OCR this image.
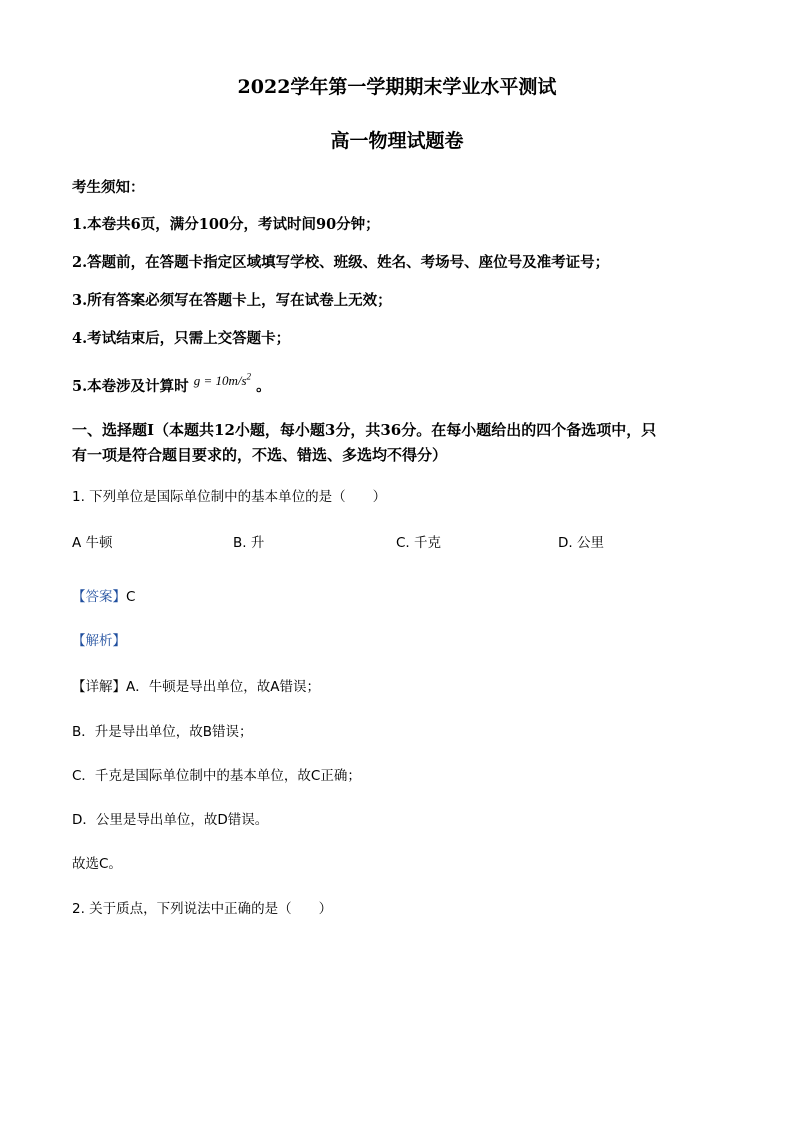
2022学年第一学期期末学业水平测试
高一物理试题卷
考生须知：
1.本卷共6页，满分100分，考试时间90分钟；
2.答题前，在答题卡指定区域填写学校、班级、姓名、考场号、座位号及准考证号；
3.所有答案必须写在答题卡上，写在试卷上无效；
4.考试结束后，只需上交答题卡；
5.本卷涉及计算时 $g = 10m/s^2$ 。
一、选择题Ⅰ（本题共12小题，每小题3分，共36分。在每小题给出的四个备选项中，只
有一项是符合题目要求的，不选、错选、多选均不得分）
1. 下列单位是国际单位制中的基本单位的是（　　）
A 牛顿	B. 升	C. 千克	D. 公里
【答案】C
【解析】
【详解】A．牛顿是导出单位，故A错误；
B．升是导出单位，故B错误；
C．千克是国际单位制中的基本单位，故C正确；
D．公里是导出单位，故D错误。
故选C。
2. 关于质点，下列说法中正确的是（　　）
